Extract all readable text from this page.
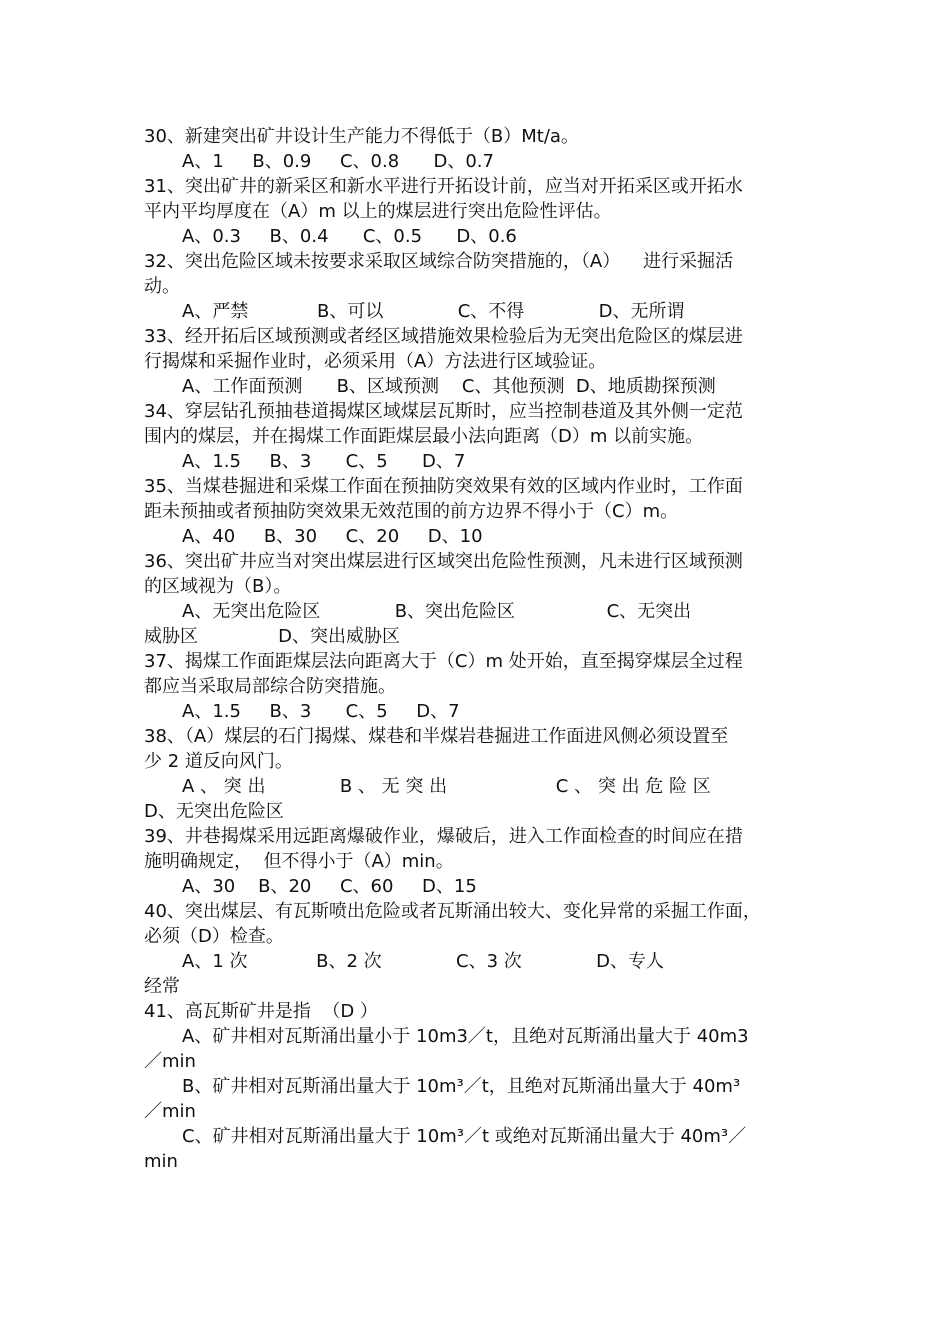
30、新建突出矿井设计生产能力不得低于（B）Mt/a。
A、1     B、0.9     C、0.8      D、0.7
31、突出矿井的新采区和新水平进行开拓设计前，应当对开拓采区或开拓水
平内平均厚度在（A）m 以上的煤层进行突出危险性评估。
A、0.3     B、0.4      C、0.5      D、0.6
32、突出危险区域未按要求采取区域综合防突措施的，（A）    进行采掘活
动。
A、严禁            B、可以             C、不得             D、无所谓
33、经开拓后区域预测或者经区域措施效果检验后为无突出危险区的煤层进
行揭煤和采掘作业时，必须采用（A）方法进行区域验证。
A、工作面预测      B、区域预测    C、其他预测  D、地质勘探预测
34、穿层钻孔预抽巷道揭煤区域煤层瓦斯时，应当控制巷道及其外侧一定范
围内的煤层，并在揭煤工作面距煤层最小法向距离（D）m 以前实施。
A、1.5     B、3      C、5      D、7
35、当煤巷掘进和采煤工作面在预抽防突效果有效的区域内作业时，工作面
距未预抽或者预抽防突效果无效范围的前方边界不得小于（C）m。
A、40     B、30     C、20     D、10
36、突出矿井应当对突出煤层进行区域突出危险性预测，凡未进行区域预测
的区域视为（B）。
A、无突出危险区             B、突出危险区                C、无突出
威胁区              D、突出威胁区
37、揭煤工作面距煤层法向距离大于（C）m 处开始，直至揭穿煤层全过程
都应当采取局部综合防突措施。
A、1.5     B、3      C、5     D、7
38、（A）煤层的石门揭煤、煤巷和半煤岩巷掘进工作面进风侧必须设置至
少 2 道反向风门。
A 、 突 出             B 、 无 突 出                   C 、 突 出 危 险 区
D、无突出危险区
39、井巷揭煤采用远距离爆破作业，爆破后，进入工作面检查的时间应在措
施明确规定，  但不得小于（A）min。
A、30    B、20     C、60     D、15
40、突出煤层、有瓦斯喷出危险或者瓦斯涌出较大、变化异常的采掘工作面，
必须（D）检查。
A、1 次            B、2 次             C、3 次             D、专人
经常
41、高瓦斯矿井是指  （D ）
A、矿井相对瓦斯涌出量小于 10m3／t，且绝对瓦斯涌出量大于 40m3
／min
B、矿井相对瓦斯涌出量大于 10m³／t，且绝对瓦斯涌出量大于 40m³
／min
C、矿井相对瓦斯涌出量大于 10m³／t 或绝对瓦斯涌出量大于 40m³／
min
